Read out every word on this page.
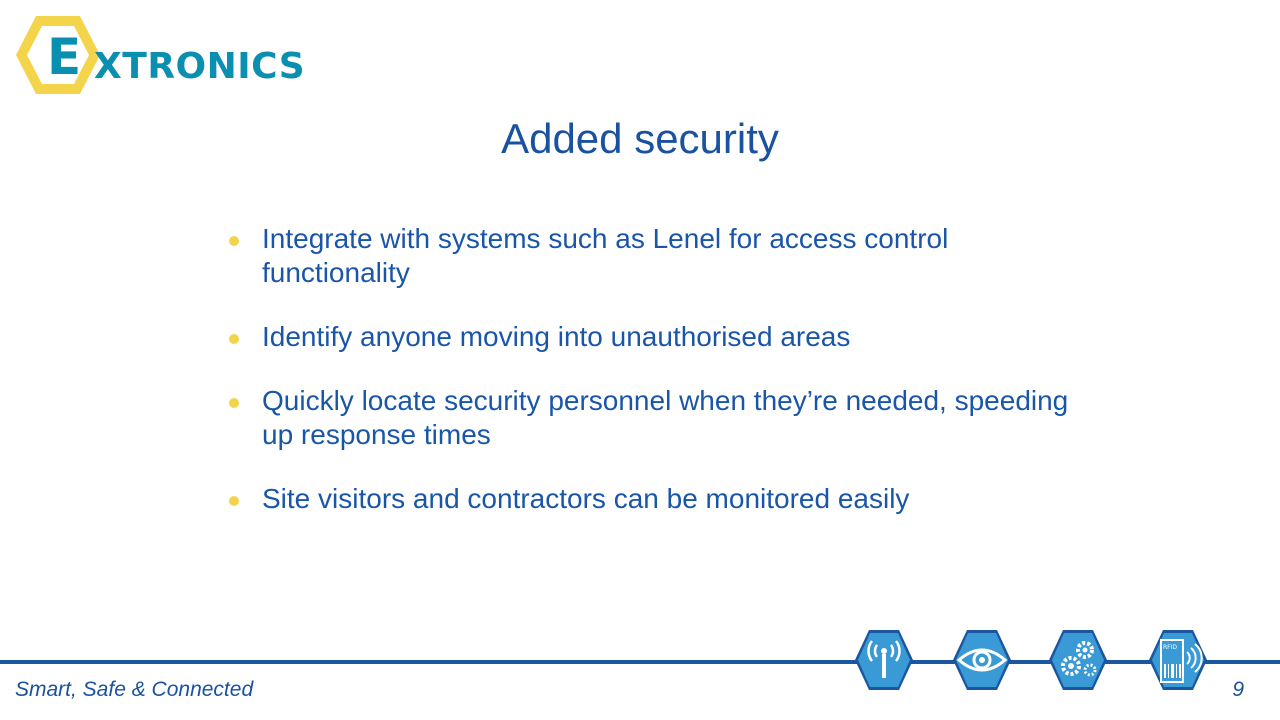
E XTRONICS
Added security
Integrate with systems such as Lenel for access control functionality
Identify anyone moving into unauthorised areas
Quickly locate security personnel when they’re needed, speeding up response times
Site visitors and contractors can be monitored easily
RFID
Smart, Safe & Connected	9
